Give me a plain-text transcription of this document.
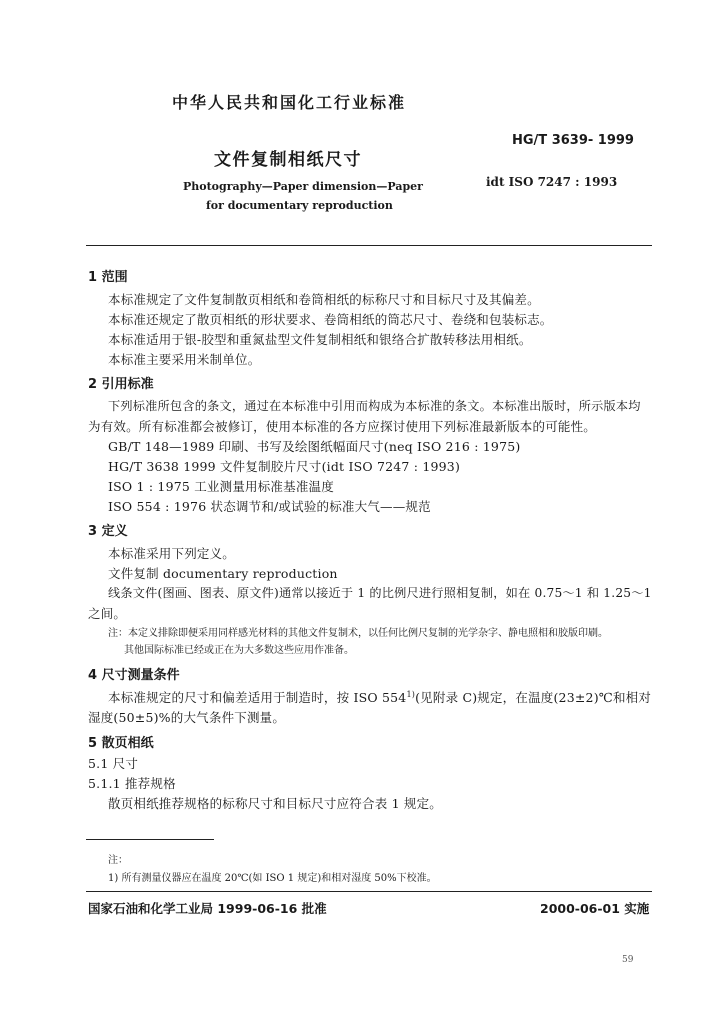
中华人民共和国化工行业标准
HG/T 3639- 1999
文件复制相纸尺寸
Photography—Paper dimension—Paper	idt ISO 7247 : 1993
for documentary reproduction
1 范围
本标准规定了文件复制散页相纸和卷筒相纸的标称尺寸和目标尺寸及其偏差。
本标准还规定了散页相纸的形状要求、卷筒相纸的筒芯尺寸、卷绕和包装标志。
本标准适用于银-胶型和重氮盐型文件复制相纸和银络合扩散转移法用相纸。
本标准主要采用米制单位。
2 引用标准
下列标准所包含的条文，通过在本标准中引用而构成为本标准的条文。本标准出版时，所示版本均
为有效。所有标准都会被修订，使用本标准的各方应探讨使用下列标准最新版本的可能性。
GB/T 148—1989 印刷、书写及绘图纸幅面尺寸(neq ISO 216 : 1975)
HG/T 3638 1999 文件复制胶片尺寸(idt ISO 7247 : 1993)
ISO 1 : 1975 工业测量用标准基准温度
ISO 554 : 1976 状态调节和/或试验的标准大气——规范
3 定义
本标准采用下列定义。
文件复制 documentary reproduction
线条文件(图画、图表、原文件)通常以接近于 1 的比例尺进行照相复制，如在 0.75～1 和 1.25～1
之间。
注：本定义排除即便采用同样感光材料的其他文件复制术，以任何比例尺复制的光学杂字、静电照相和胶版印刷。
其他国际标准已经或正在为大多数这些应用作准备。
4 尺寸测量条件
本标准规定的尺寸和偏差适用于制造时，按 ISO 554$^{1)}$(见附录 C)规定，在温度(23±2)℃和相对
湿度(50±5)%的大气条件下测量。
5 散页相纸
5.1 尺寸
5.1.1 推荐规格
散页相纸推荐规格的标称尺寸和目标尺寸应符合表 1 规定。
注：
1) 所有测量仪器应在温度 20℃(如 ISO 1 规定)和相对湿度 50%下校准。
国家石油和化学工业局 1999-06-16 批准	2000-06-01 实施
59
